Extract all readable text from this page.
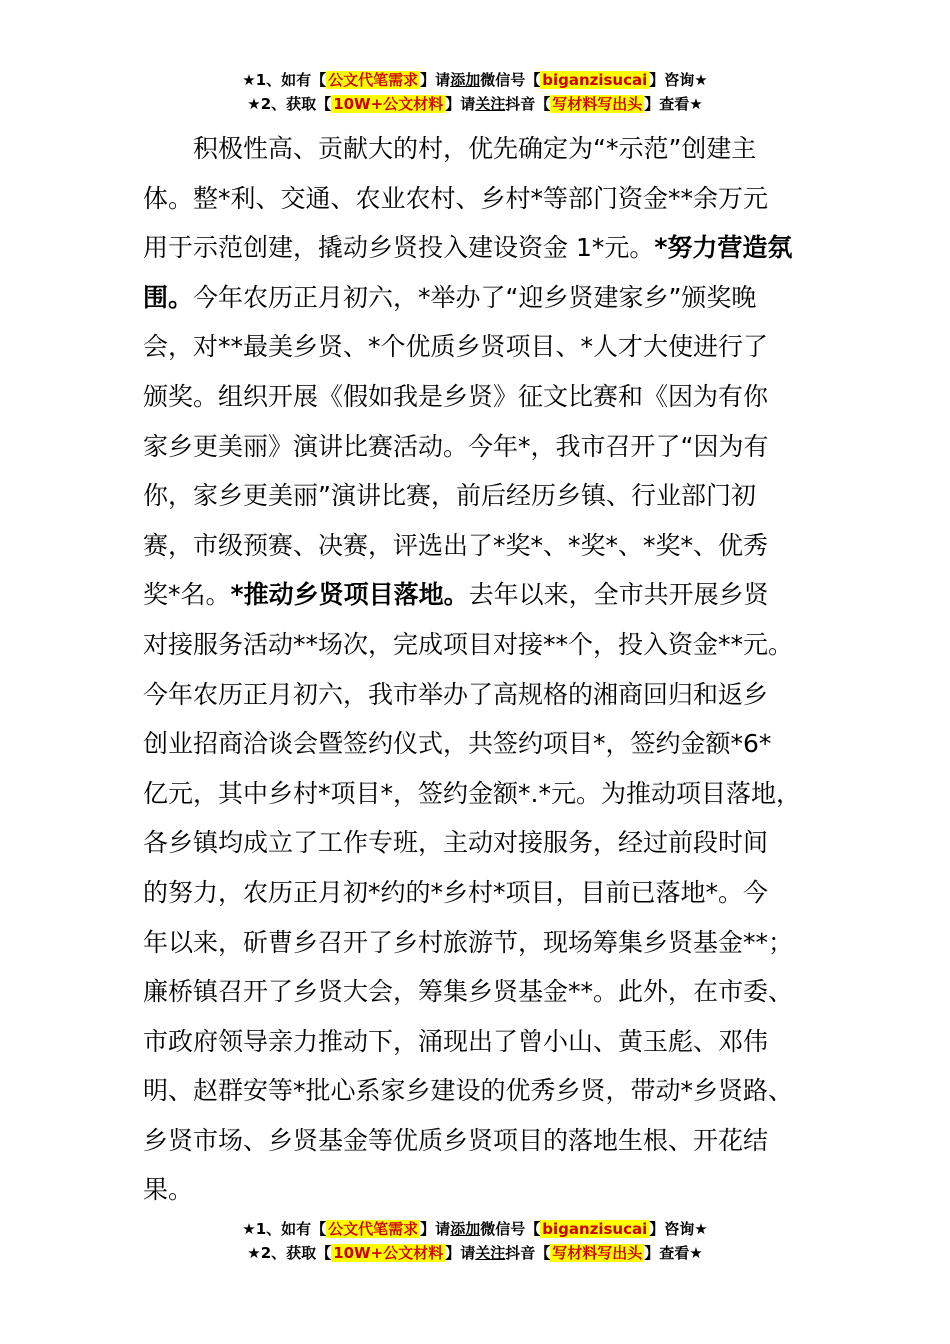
★1、如有【 公文代笔需求 】请添加微信号【 biganzisucai 】咨询★
★2、获取【 10W+公文材料 】请关注抖音【 写材料写出头 】查看★
　　积极性高、贡献大的村，优先确定为“*示范”创建主
体。整*利、交通、农业农村、乡村*等部门资金**余万元
用于示范创建，撬动乡贤投入建设资金 1*元。*努力营造氛
围。今年农历正月初六，*举办了“迎乡贤建家乡”颁奖晚
会，对**最美乡贤、*个优质乡贤项目、*人才大使进行了
颁奖。组织开展《假如我是乡贤》征文比赛和《因为有你
家乡更美丽》演讲比赛活动。今年*，我市召开了“因为有
你，家乡更美丽”演讲比赛，前后经历乡镇、行业部门初
赛，市级预赛、决赛，评选出了*奖*、*奖*、*奖*、优秀
奖*名。*推动乡贤项目落地。去年以来，全市共开展乡贤
对接服务活动**场次，完成项目对接**个，投入资金**元。
今年农历正月初六，我市举办了高规格的湘商回归和返乡
创业招商洽谈会暨签约仪式，共签约项目*，签约金额*6*
亿元，其中乡村*项目*，签约金额*.*元。为推动项目落地，
各乡镇均成立了工作专班，主动对接服务，经过前段时间
的努力，农历正月初*约的*乡村*项目，目前已落地*。今
年以来，斫曹乡召开了乡村旅游节，现场筹集乡贤基金**；
廉桥镇召开了乡贤大会，筹集乡贤基金**。此外，在市委、
市政府领导亲力推动下，涌现出了曾小山、黄玉彪、邓伟
明、赵群安等*批心系家乡建设的优秀乡贤，带动*乡贤路、
乡贤市场、乡贤基金等优质乡贤项目的落地生根、开花结
果。
★1、如有【 公文代笔需求 】请添加微信号【 biganzisucai 】咨询★
★2、获取【 10W+公文材料 】请关注抖音【 写材料写出头 】查看★
